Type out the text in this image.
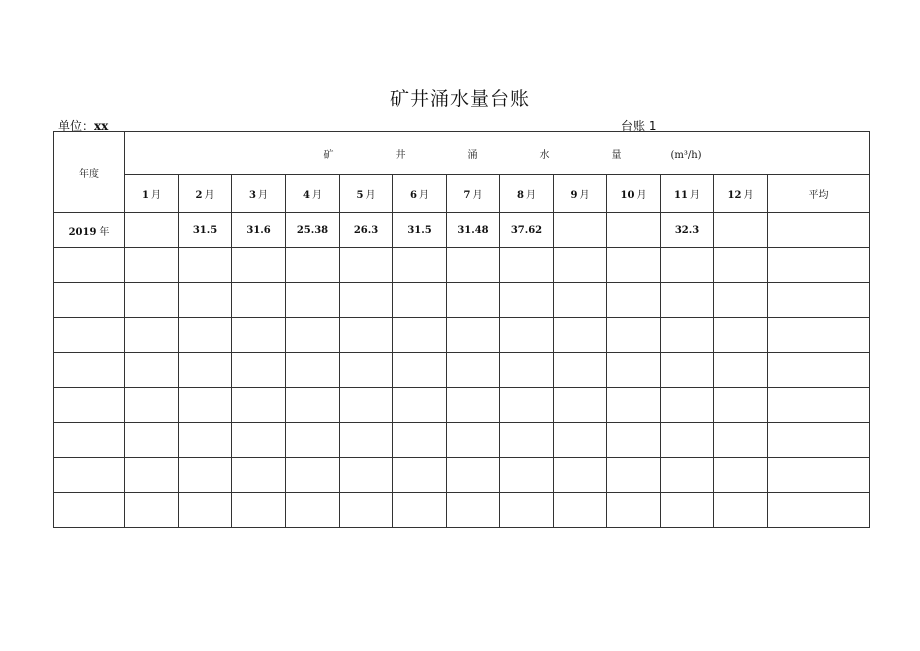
矿井涌水量台账
单位：xx	台账 1
年度	矿 井 涌 水 量 (m³/h)												
	1 月	2 月	3 月	4 月	5 月	6 月	7 月	8 月	9 月	10 月	11 月	12 月	平均
2019 年		31.5	31.6	25.38	26.3	31.5	31.48	37.62			32.3		
